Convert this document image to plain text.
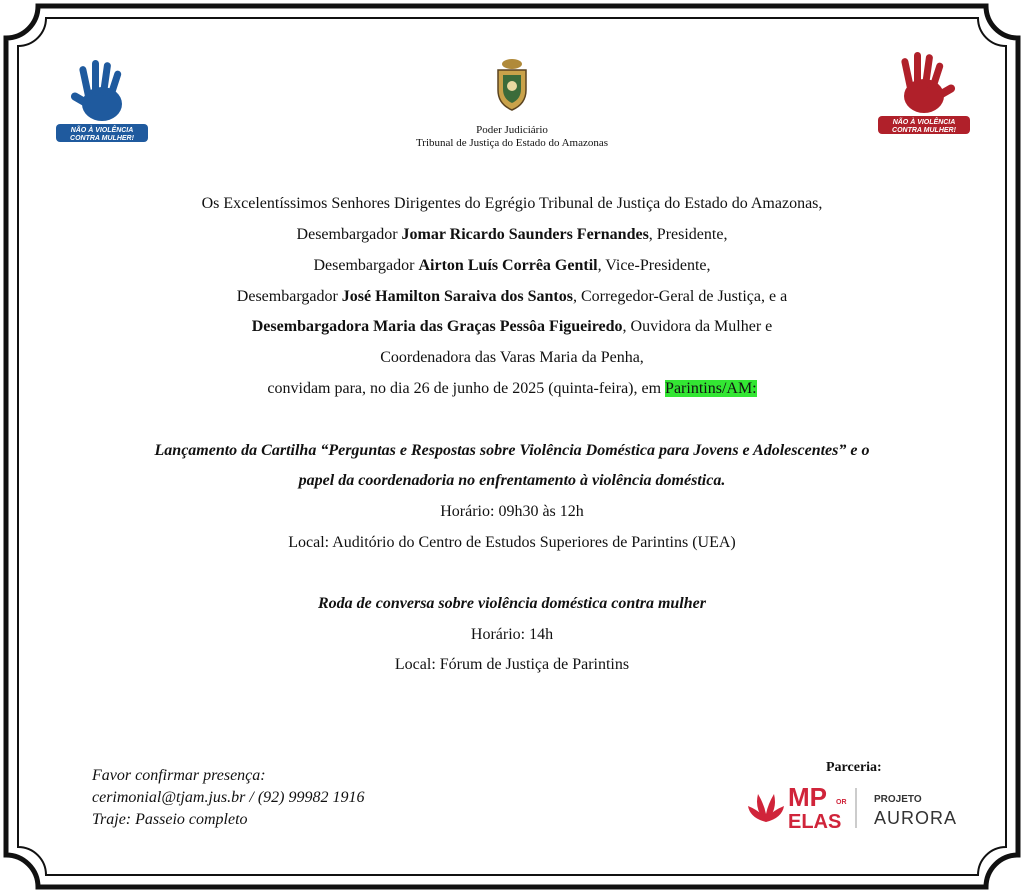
NÃO À VIOLÊNCIA
CONTRA MULHER!
NÃO À VIOLÊNCIA
CONTRA MULHER!
Poder Judiciário
Tribunal de Justiça do Estado do Amazonas
Os Excelentíssimos Senhores Dirigentes do Egrégio Tribunal de Justiça do Estado do Amazonas,
Desembargador Jomar Ricardo Saunders Fernandes, Presidente,
Desembargador Airton Luís Corrêa Gentil, Vice-Presidente,
Desembargador José Hamilton Saraiva dos Santos, Corregedor-Geral de Justiça, e a
Desembargadora Maria das Graças Pessôa Figueiredo, Ouvidora da Mulher e
Coordenadora das Varas Maria da Penha,
convidam para, no dia 26 de junho de 2025 (quinta-feira), em Parintins/AM:
Lançamento da Cartilha “Perguntas e Respostas sobre Violência Doméstica para Jovens e Adolescentes” e o
papel da coordenadoria no enfrentamento à violência doméstica.
Horário: 09h30 às 12h
Local: Auditório do Centro de Estudos Superiores de Parintins (UEA)
Roda de conversa sobre violência doméstica contra mulher
Horário: 14h
Local: Fórum de Justiça de Parintins
Favor confirmar presença:
cerimonial@tjam.jus.br / (92) 99982 1916
Traje: Passeio completo
Parceria:
MP OR
ELAS
PROJETO
AURORA
